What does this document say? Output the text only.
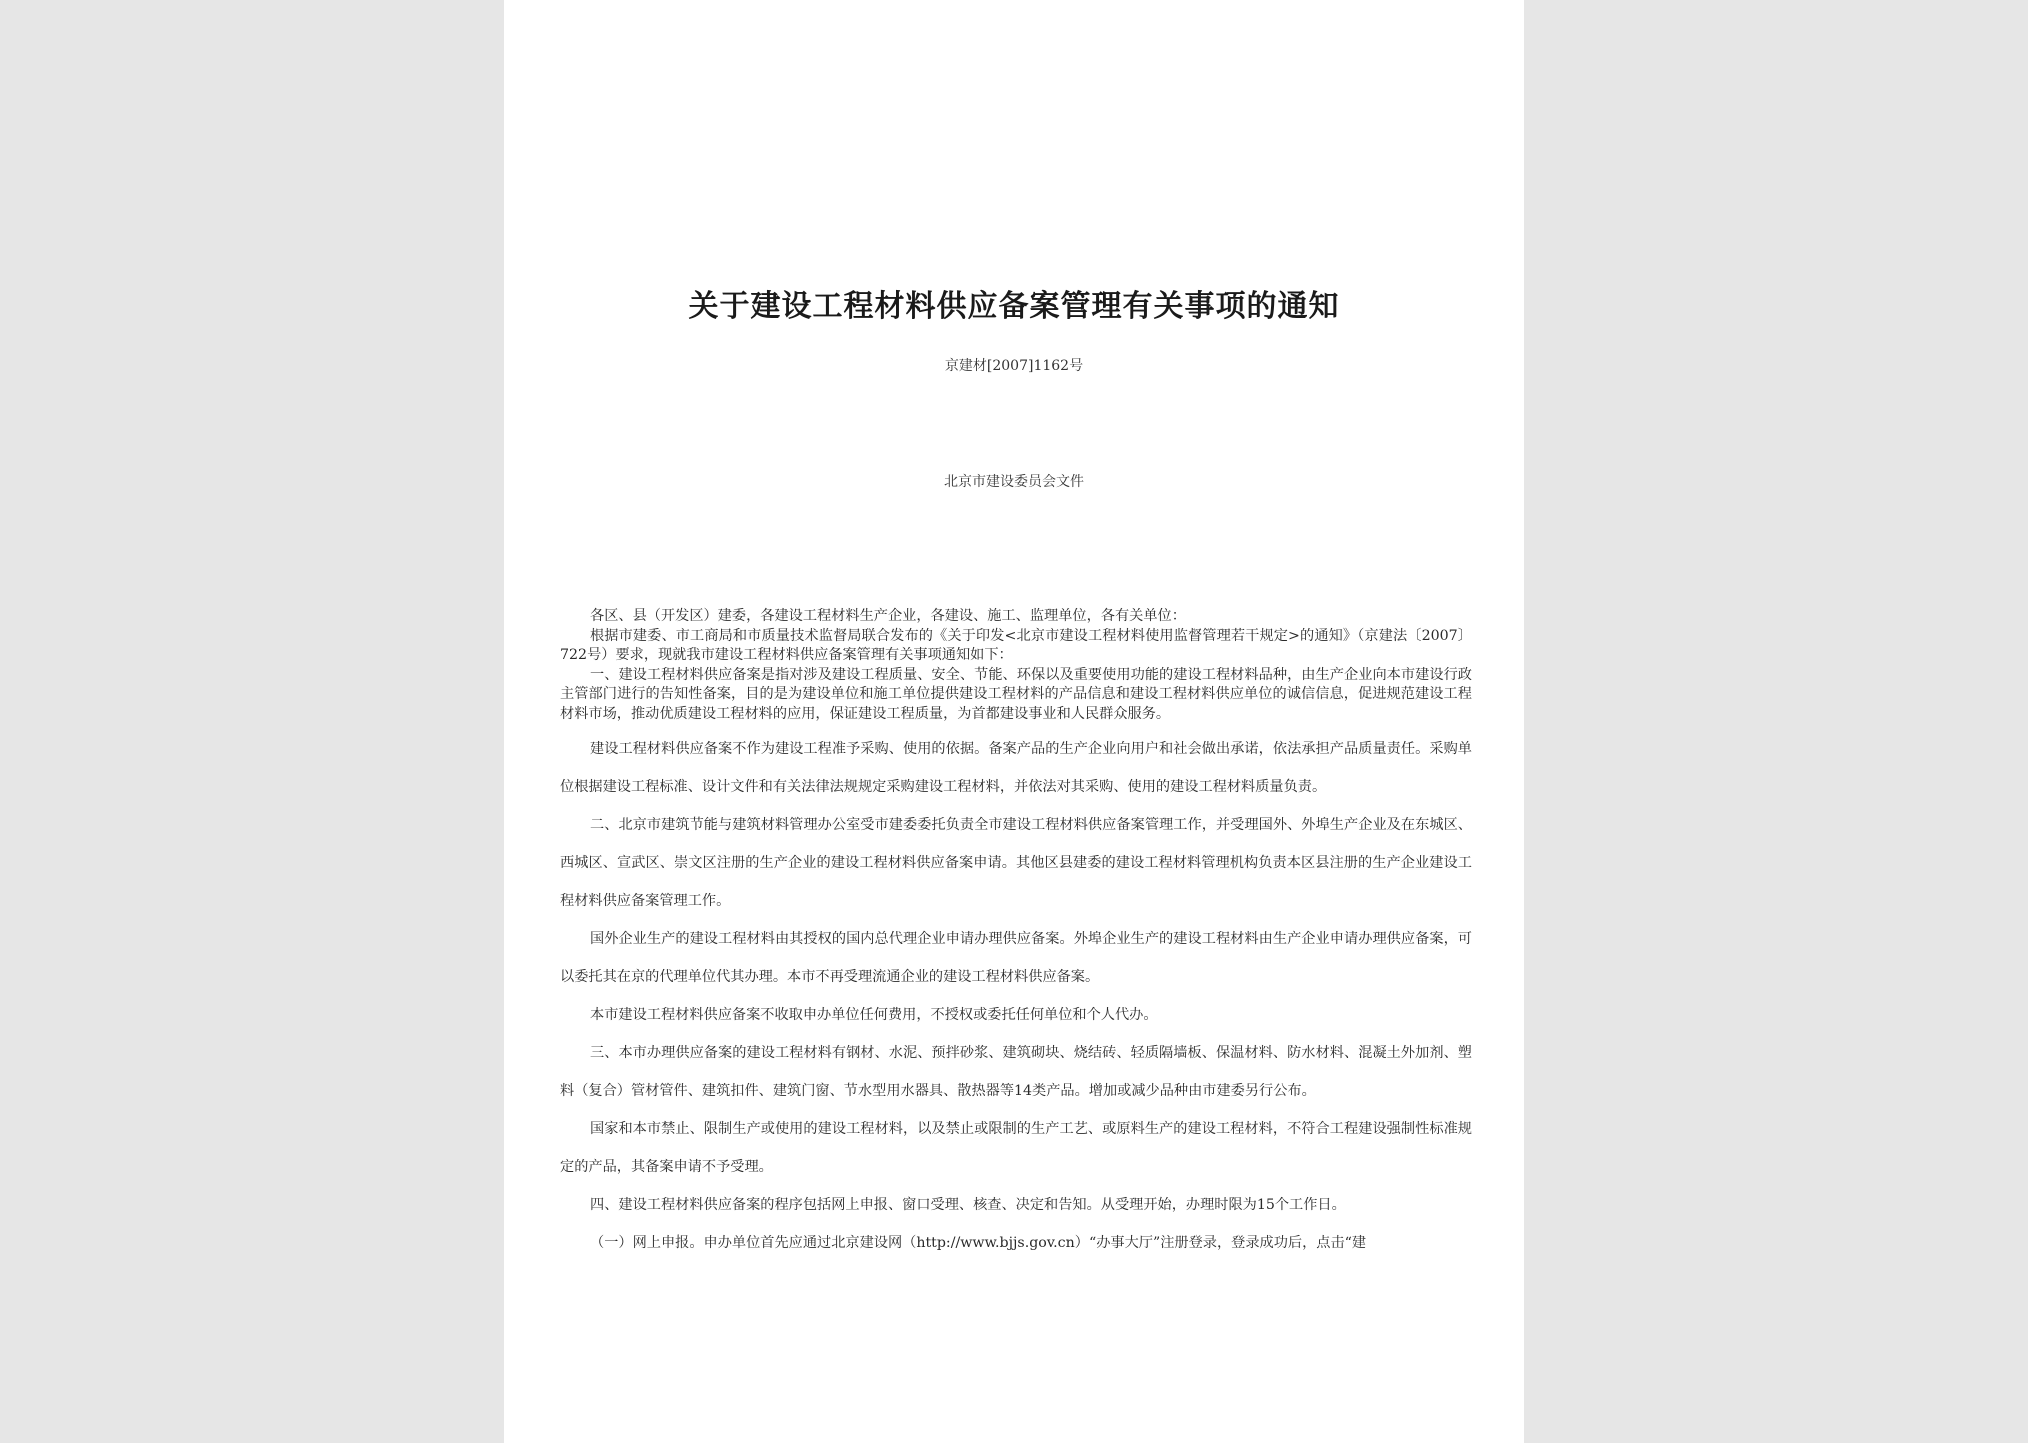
关于建设工程材料供应备案管理有关事项的通知
京建材[2007]1162号
北京市建设委员会文件

各区、县（开发区）建委，各建设工程材料生产企业，各建设、施工、监理单位，各有关单位：

根据市建委、市工商局和市质量技术监督局联合发布的《关于印发<北京市建设工程材料使用监督管理若干规定>的通知》（京建法〔2007〕722号）要求，现就我市建设工程材料供应备案管理有关事项通知如下：

一、建设工程材料供应备案是指对涉及建设工程质量、安全、节能、环保以及重要使用功能的建设工程材料品种，由生产企业向本市建设行政主管部门进行的告知性备案，目的是为建设单位和施工单位提供建设工程材料的产品信息和建设工程材料供应单位的诚信信息，促进规范建设工程材料市场，推动优质建设工程材料的应用，保证建设工程质量，为首都建设事业和人民群众服务。

建设工程材料供应备案不作为建设工程准予采购、使用的依据。备案产品的生产企业向用户和社会做出承诺，依法承担产品质量责任。采购单位根据建设工程标准、设计文件和有关法律法规规定采购建设工程材料，并依法对其采购、使用的建设工程材料质量负责。

二、北京市建筑节能与建筑材料管理办公室受市建委委托负责全市建设工程材料供应备案管理工作，并受理国外、外埠生产企业及在东城区、西城区、宣武区、崇文区注册的生产企业的建设工程材料供应备案申请。其他区县建委的建设工程材料管理机构负责本区县注册的生产企业建设工程材料供应备案管理工作。

国外企业生产的建设工程材料由其授权的国内总代理企业申请办理供应备案。外埠企业生产的建设工程材料由生产企业申请办理供应备案，可以委托其在京的代理单位代其办理。本市不再受理流通企业的建设工程材料供应备案。

本市建设工程材料供应备案不收取申办单位任何费用，不授权或委托任何单位和个人代办。

三、本市办理供应备案的建设工程材料有钢材、水泥、预拌砂浆、建筑砌块、烧结砖、轻质隔墙板、保温材料、防水材料、混凝土外加剂、塑料（复合）管材管件、建筑扣件、建筑门窗、节水型用水器具、散热器等14类产品。增加或减少品种由市建委另行公布。

国家和本市禁止、限制生产或使用的建设工程材料，以及禁止或限制的生产工艺、或原料生产的建设工程材料，不符合工程建设强制性标准规定的产品，其备案申请不予受理。

四、建设工程材料供应备案的程序包括网上申报、窗口受理、核查、决定和告知。从受理开始，办理时限为15个工作日。

（一）网上申报。申办单位首先应通过北京建设网（http://www.bjjs.gov.cn）“办事大厅”注册登录，登录成功后，点击“建
